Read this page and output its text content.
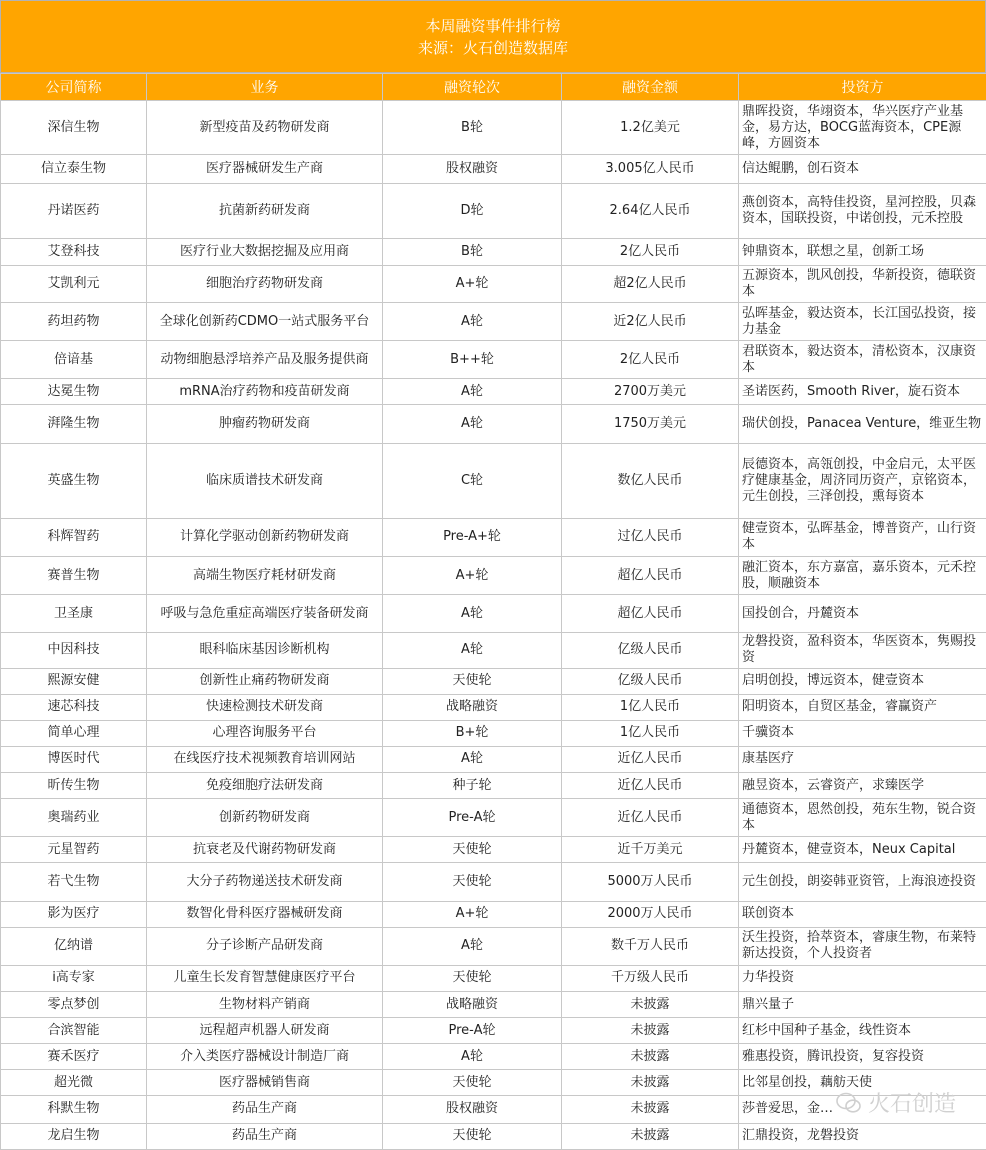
本周融资事件排行榜
来源：火石创造数据库
公司简称	业务	融资轮次	融资金额	投资方
深信生物	新型疫苗及药物研发商	B轮	1.2亿美元	鼎晖投资，华翊资本，华兴医疗产业基金，易方达，BOCG蓝海资本，CPE源峰，方圆资本
信立泰生物	医疗器械研发生产商	股权融资	3.005亿人民币	信达鲲鹏，创石资本
丹诺医药	抗菌新药研发商	D轮	2.64亿人民币	燕创资本，高特佳投资，星河控股，贝森资本，国联投资，中诺创投，元禾控股
艾登科技	医疗行业大数据挖掘及应用商	B轮	2亿人民币	钟鼎资本，联想之星，创新工场
艾凯利元	细胞治疗药物研发商	A+轮	超2亿人民币	五源资本，凯风创投，华新投资，德联资本
药坦药物	全球化创新药CDMO一站式服务平台	A轮	近2亿人民币	弘晖基金，毅达资本，长江国弘投资，接力基金
倍谙基	动物细胞悬浮培养产品及服务提供商	B++轮	2亿人民币	君联资本，毅达资本，清松资本，汉康资本
达冕生物	mRNA治疗药物和疫苗研发商	A轮	2700万美元	圣诺医药，Smooth River，旋石资本
湃隆生物	肿瘤药物研发商	A轮	1750万美元	瑞伏创投，Panacea Venture，维亚生物
英盛生物	临床质谱技术研发商	C轮	数亿人民币	辰德资本，高瓴创投，中金启元，太平医疗健康基金，周济同历资产，京铭资本，元生创投，三泽创投，熏每资本
科辉智药	计算化学驱动创新药物研发商	Pre-A+轮	过亿人民币	健壹资本，弘晖基金，博普资产，山行资本
赛普生物	高端生物医疗耗材研发商	A+轮	超亿人民币	融汇资本，东方嘉富，嘉乐资本，元禾控股，顺融资本
卫圣康	呼吸与急危重症高端医疗装备研发商	A轮	超亿人民币	国投创合，丹麓资本
中因科技	眼科临床基因诊断机构	A轮	亿级人民币	龙磐投资，盈科资本，华医资本，隽赐投资
熙源安健	创新性止痛药物研发商	天使轮	亿级人民币	启明创投，博远资本，健壹资本
速芯科技	快速检测技术研发商	战略融资	1亿人民币	阳明资本，自贸区基金，睿赢资产
简单心理	心理咨询服务平台	B+轮	1亿人民币	千骥资本
博医时代	在线医疗技术视频教育培训网站	A轮	近亿人民币	康基医疗
昕传生物	免疫细胞疗法研发商	种子轮	近亿人民币	融昱资本，云睿资产，求臻医学
奥瑞药业	创新药物研发商	Pre-A轮	近亿人民币	通德资本，恩然创投，苑东生物，锐合资本
元星智药	抗衰老及代谢药物研发商	天使轮	近千万美元	丹麓资本，健壹资本，Neux Capital
若弋生物	大分子药物递送技术研发商	天使轮	5000万人民币	元生创投，朗姿韩亚资管，上海浪迹投资
影为医疗	数智化骨科医疗器械研发商	A+轮	2000万人民币	联创资本
亿纳谱	分子诊断产品研发商	A轮	数千万人民币	沃生投资，拾萃资本，睿康生物，布莱特新达投资，个人投资者
i高专家	儿童生长发育智慧健康医疗平台	天使轮	千万级人民币	力华投资
零点梦创	生物材料产销商	战略融资	未披露	鼎兴量子
合滨智能	远程超声机器人研发商	Pre-A轮	未披露	红杉中国种子基金，线性资本
赛禾医疗	介入类医疗器械设计制造厂商	A轮	未披露	雅惠投资，腾讯投资，复容投资
超光微	医疗器械销售商	天使轮	未披露	比邻星创投，藕舫天使
科默生物	药品生产商	股权融资	未披露	莎普爱思，金…
龙启生物	药品生产商	天使轮	未披露	汇鼎投资，龙磐投资
火石创造
